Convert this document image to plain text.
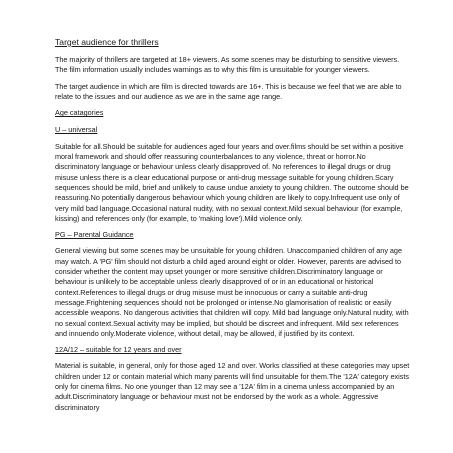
Target audience for thrillers

The majority of thrillers are targeted at 18+ viewers. As some scenes may be disturbing to sensitive viewers. The film information usually includes warnings as to why this film is unsuitable for younger viewers.

The target audience in which are film is directed towards are 16+. This is because we feel that we are able to relate to the issues and our audience as we are in the same age range.

Age catagories
U – universal

Suitable for all.Should be suitable for audiences aged four years and over.films should be set within a positive moral framework and should offer reassuring counterbalances to any violence, threat or horror.No discriminatory language or behaviour unless clearly disapproved of. No references to illegal drugs or drug misuse unless there is a clear educational purpose or anti-drug message suitable for young children.Scary sequences should be mild, brief and unlikely to cause undue anxiety to young children. The outcome should be reassuring.No potentially dangerous behaviour which young children are likely to copy.Infrequent use only of very mild bad language.Occasional natural nudity, with no sexual context.Mild sexual behaviour (for example, kissing) and references only (for example, to 'making love').Mild violence only.

PG – Parental Guidance

General viewing but some scenes may be unsuitable for young children. Unaccompanied children of any age may watch. A 'PG' film should not disturb a child aged around eight or older. However, parents are advised to consider whether the content may upset younger or more sensitive children.Discriminatory language or behaviour is unlikely to be acceptable unless clearly disapproved of or in an educational or historical context.References to illegal drugs or drug misuse must be innocuous or carry a suitable anti-drug message.Frightening sequences should not be prolonged or intense.No glamorisation of realistic or easily accessible weapons. No dangerous activities that children will copy. Mild bad language only.Natural nudity, with no sexual context.Sexual activity may be implied, but should be discreet and infrequent. Mild sex references and innuendo only.Moderate violence, without detail, may be allowed, if justified by its context.

12A/12 – suitable for 12 years and over

Material is suitable, in general, only for those aged 12 and over. Works classified at these categories may upset children under 12 or contain material which many parents will find unsuitable for them.The '12A' category exists only for cinema films. No one younger than 12 may see a '12A' film in a cinema unless accompanied by an adult.Discriminatory language or behaviour must not be endorsed by the work as a whole. Aggressive discriminatory
